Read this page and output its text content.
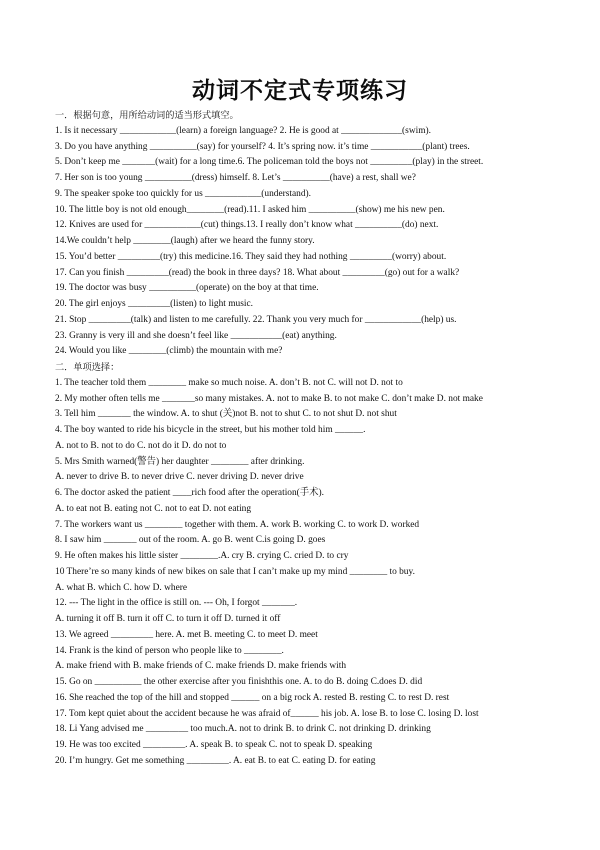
动词不定式专项练习
一．根据句意，用所给动词的适当形式填空。
1. Is it necessary ____________(learn) a foreign language? 2. He is good at _____________(swim).
3. Do you have anything __________(say) for yourself? 4. It’s spring now. it’s time ___________(plant) trees.
5. Don’t keep me _______(wait) for a long time.6. The policeman told the boys not _________(play) in the street.
7. Her son is too young __________(dress) himself. 8. Let’s __________(have) a rest, shall we?
9. The speaker spoke too quickly for us ____________(understand).
10. The little boy is not old enough________(read).11. I asked him __________(show) me his new pen.
12. Knives are used for ____________(cut) things.13. I really don’t know what __________(do) next.
14.We couldn’t help ________(laugh) after we heard the funny story.
15. You’d better _________(try) this medicine.16. They said they had nothing _________(worry) about.
17. Can you finish _________(read) the book in three days? 18. What about _________(go) out for a walk?
19. The doctor was busy __________(operate) on the boy at that time.
20. The girl enjoys _________(listen) to light music.
21. Stop _________(talk) and listen to me carefully. 22. Thank you very much for ____________(help) us.
23. Granny is very ill and she doesn’t feel like ___________(eat) anything.
24. Would you like ________(climb) the mountain with me?
二．单项选择：
1. The teacher told them ________ make so much noise. A. don’t B. not C. will not D. not to
2. My mother often tells me _______so many mistakes. A. not to make B. to not make C. don’t make D. not make
3. Tell him _______ the window. A. to shut (关)not B. not to shut C. to not shut D. not shut
4. The boy wanted to ride his bicycle in the street, but his mother told him ______.
A. not to B. not to do C. not do it D. do not to
5. Mrs Smith warned(警告) her daughter ________ after drinking.
A. never to drive B. to never drive C. never driving D. never drive
6. The doctor asked the patient ____rich food after the operation(手术).
A. to eat not B. eating not C. not to eat D. not eating
7. The workers want us ________ together with them. A. work B. working C. to work D. worked
8. I saw him _______ out of the room. A. go B. went C.is going D. goes
9. He often makes his little sister ________.A. cry B. crying C. cried D. to cry
10 There’re so many kinds of new bikes on sale that I can’t make up my mind ________ to buy.
A. what B. which C. how D. where
12. --- The light in the office is still on. --- Oh, I forgot _______.
A. turning it off B. turn it off C. to turn it off D. turned it off
13. We agreed _________ here. A. met B. meeting C. to meet D. meet
14. Frank is the kind of person who people like to ________.
A. make friend with B. make friends of C. make friends D. make friends with
15. Go on __________ the other exercise after you finishthis one. A. to do B. doing C.does D. did
16. She reached the top of the hill and stopped ______ on a big rock A. rested B. resting C. to rest D. rest
17. Tom kept quiet about the accident because he was afraid of______ his job. A. lose B. to lose C. losing D. lost
18. Li Yang advised me _________ too much.A. not to drink B. to drink C. not drinking D. drinking
19. He was too excited _________. A. speak B. to speak C. not to speak D. speaking
20. I’m hungry. Get me something _________. A. eat B. to eat C. eating D. for eating
